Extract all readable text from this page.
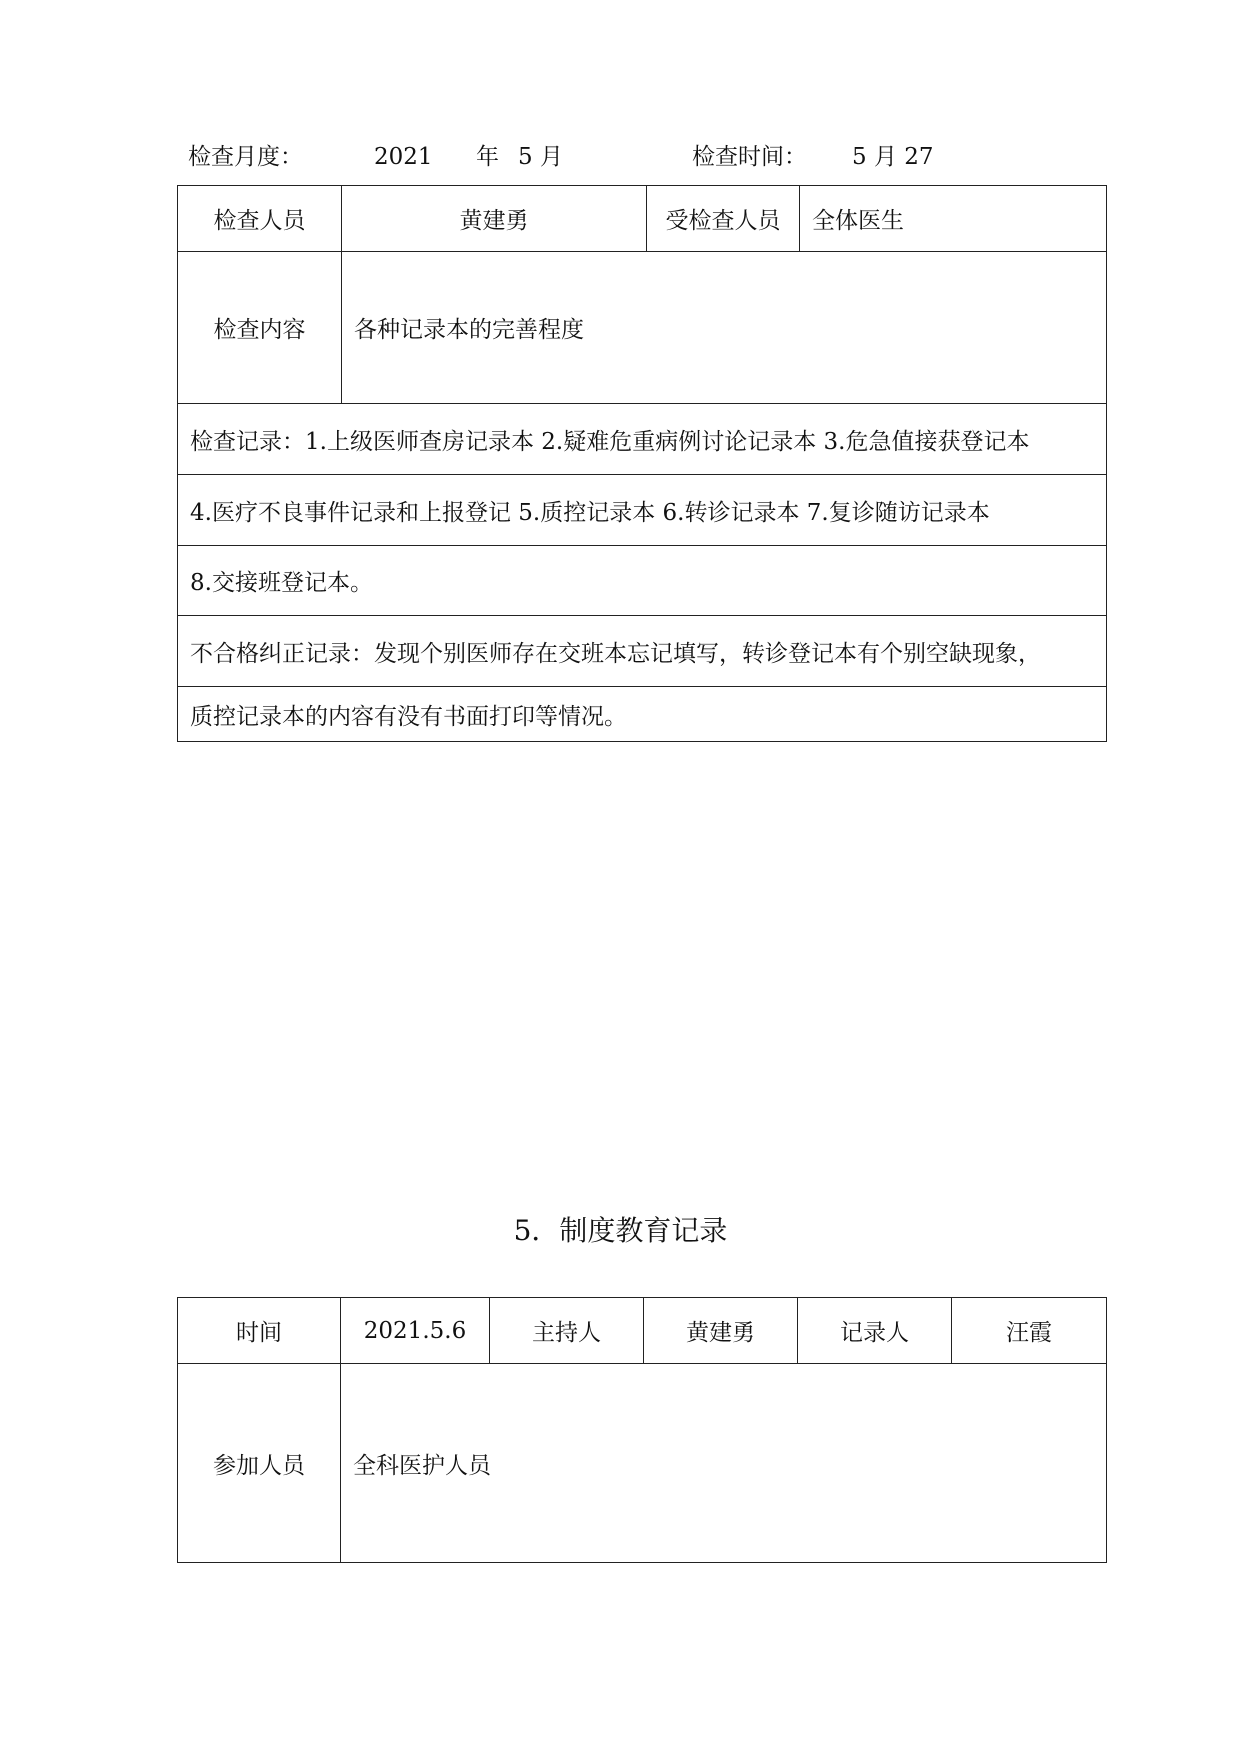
检查月度：	2021 年 5 月	检查时间： 5 月 27
检查人员	黄建勇	受检查人员	全体医生
检查内容	各种记录本的完善程度		
检查记录：1.上级医师查房记录本 2.疑难危重病例讨论记录本 3.危急值接获登记本			
4.医疗不良事件记录和上报登记 5.质控记录本 6.转诊记录本 7.复诊随访记录本			
8.交接班登记本。			
不合格纠正记录：发现个别医师存在交班本忘记填写，转诊登记本有个别空缺现象，			
质控记录本的内容有没有书面打印等情况。			
5．制度教育记录
时间	2021.5.6	主持人	黄建勇	记录人	汪霞
参加人员	全科医护人员				
